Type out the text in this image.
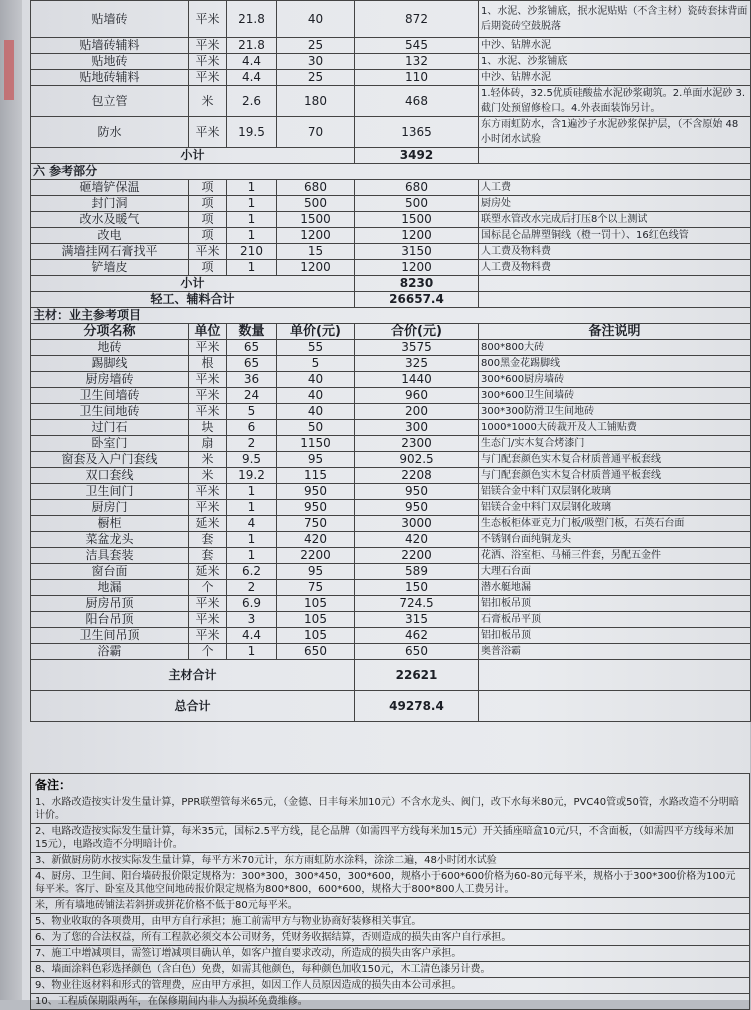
贴墙砖	平米	21.8	40	872	1、水泥、沙浆铺底，抿水泥贴贴（不含主材）瓷砖套抹背面 后期瓷砖空鼓脱落
贴墙砖辅料	平米	21.8	25	545	中沙、钻牌水泥
贴地砖	平米	4.4	30	132	1、水泥、沙浆铺底
贴地砖辅料	平米	4.4	25	110	中沙、钻牌水泥
包立管	米	2.6	180	468	1.轻体砖，32.5优质硅酸盐水泥砂浆砌筑。2.单面水泥砂 3.截门处预留修检口。4.外表面装饰另计。
防水	平米	19.5	70	1365	东方雨虹防水，含1遍沙子水泥砂浆保护层，（不含原始 48小时闭水试验
小计				3492	
六 参考部分					
砸墙铲保温	项	1	680	680	人工费
封门洞	项	1	500	500	厨房处
改水及暖气	项	1	1500	1500	联塑水管改水完成后打压8个以上测试
改电	项	1	1200	1200	国标昆仑品牌塑铜线（橙一罚十）、16红色线管
满墙挂网石膏找平	平米	210	15	3150	人工费及物料费
铲墙皮	项	1	1200	1200	人工费及物料费
小计				8230	
轻工、辅料合计				26657.4	
主材：业主参考项目					
分项名称	单位	数量	单价(元)	合价(元)	备注说明
地砖	平米	65	55	3575	800*800大砖
踢脚线	根	65	5	325	800黑金花踢脚线
厨房墙砖	平米	36	40	1440	300*600厨房墙砖
卫生间墙砖	平米	24	40	960	300*600卫生间墙砖
卫生间地砖	平米	5	40	200	300*300防滑卫生间地砖
过门石	块	6	50	300	1000*1000大砖裁开及人工铺贴费
卧室门	扇	2	1150	2300	生态门/实木复合烤漆门
窗套及入户门套线	米	9.5	95	902.5	与门配套颜色实木复合材质普通平板套线
双口套线	米	19.2	115	2208	与门配套颜色实木复合材质普通平板套线
卫生间门	平米	1	950	950	铝镁合金中料门双层钢化玻璃
厨房门	平米	1	950	950	铝镁合金中料门双层钢化玻璃
橱柜	延米	4	750	3000	生态板柜体亚克力门板/吸塑门板，石英石台面
菜盆龙头	套	1	420	420	不锈钢台面纯铜龙头
洁具套装	套	1	2200	2200	花洒、浴室柜、马桶三件套，另配五金件
窗台面	延米	6.2	95	589	大理石台面
地漏	个	2	75	150	潜水艇地漏
厨房吊顶	平米	6.9	105	724.5	铝扣板吊顶
阳台吊顶	平米	3	105	315	石膏板吊平顶
卫生间吊顶	平米	4.4	105	462	铝扣板吊顶
浴霸	个	1	650	650	奥普浴霸
主材合计				22621	
总合计				49278.4	
备注：
1、水路改造按实计发生量计算，PPR联塑管每米65元，（金德、日丰每米加10元）不含水龙头、阀门，改下水每米80元，PVC40管或50管，水路改造不分明暗计价。
2、电路改造按实际发生量计算，每米35元，国标2.5平方线，昆仑品牌（如需四平方线每米加15元）开关插座暗盒10元/只，不含面板，（如需四平方线每米加15元），电路改造不分明暗计价。
3、新做厨房防水按实际发生量计算，每平方米70元计，东方雨虹防水涂料，涂涂二遍，48小时闭水试验
4、厨房、卫生间、阳台墙砖报价限定规格为：300*300，300*450，300*600，规格小于600*600价格为60-80元每平米，规格小于300*300价格为100元每平米。客厅、卧室及其他空间地砖报价限定规格为800*800，600*600，规格大于800*800人工费另计。
米，所有墙地砖铺法若斜拼或拼花价格不低于80元每平米。
5、物业收取的各项费用，由甲方自行承担；施工前需甲方与物业协商好装修相关事宜。
6、为了您的合法权益，所有工程款必须交本公司财务，凭财务收据结算，否则造成的损失由客户自行承担。
7、施工中增减项目，需签订增减项目确认单，如客户擅自要求改动，所造成的损失由客户承担。
8、墙面涂料色彩选择颜色（含白色）免费，如需其他颜色，每种颜色加收150元，木工清色漆另计费。
9、物业往返材料和形式的管理费，应由甲方承担，如因工作人员原因造成的损失由本公司承担。
10、工程质保期限两年，在保修期间内非人为损坏免费维修。
